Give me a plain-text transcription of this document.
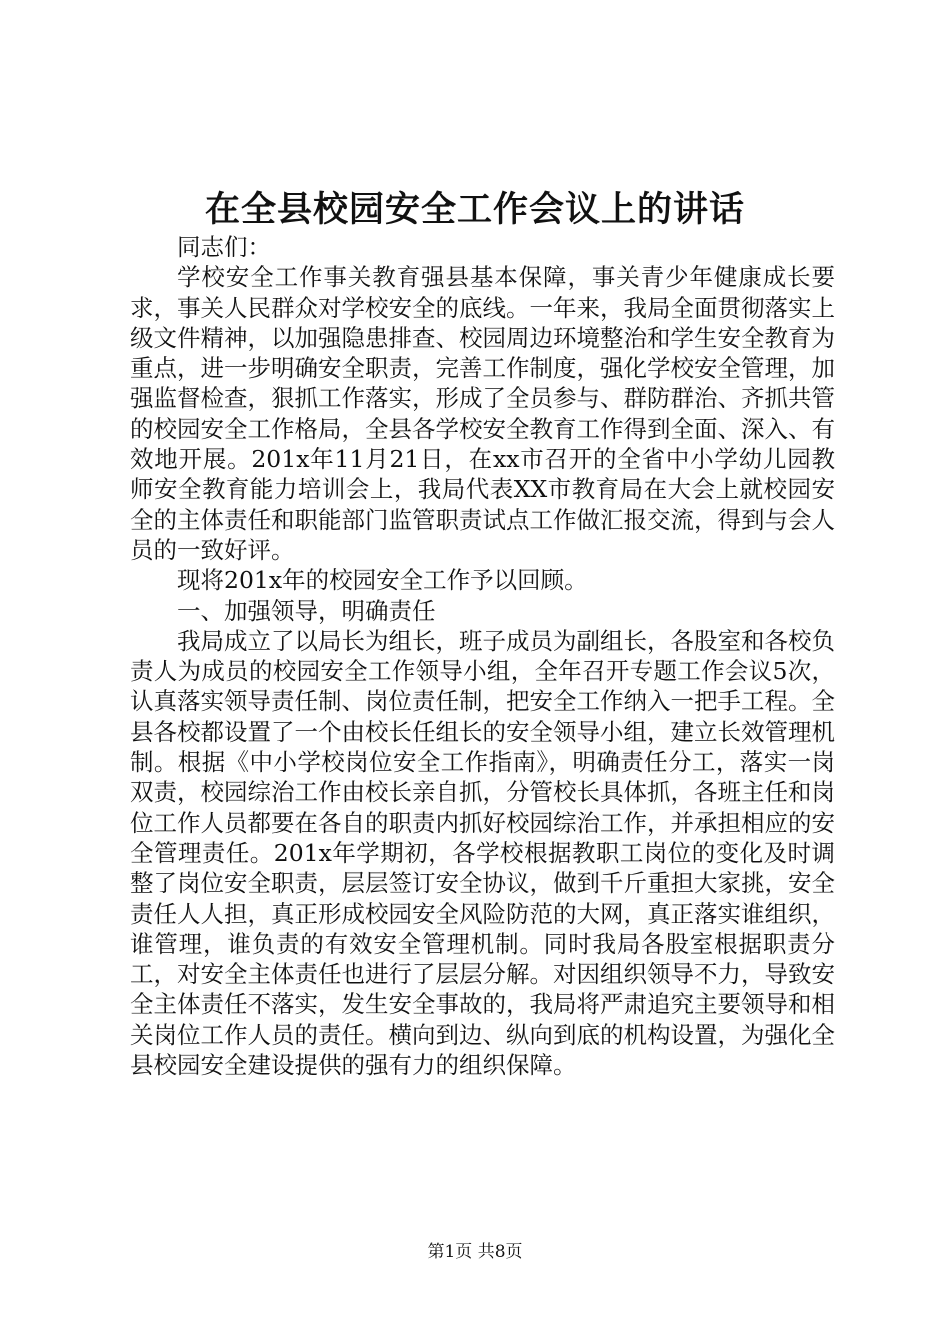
在全县校园安全工作会议上的讲话

同志们：

学校安全工作事关教育强县基本保障，事关青少年健康成长要求，事关人民群众对学校安全的底线。一年来，我局全面贯彻落实上级文件精神，以加强隐患排查、校园周边环境整治和学生安全教育为重点，进一步明确安全职责，完善工作制度，强化学校安全管理，加强监督检查，狠抓工作落实，形成了全员参与、群防群治、齐抓共管的校园安全工作格局，全县各学校安全教育工作得到全面、深入、有效地开展。201x年11月21日，在xx市召开的全省中小学幼儿园教师安全教育能力培训会上，我局代表XX市教育局在大会上就校园安全的主体责任和职能部门监管职责试点工作做汇报交流，得到与会人员的一致好评。

现将201x年的校园安全工作予以回顾。

一、加强领导，明确责任

我局成立了以局长为组长，班子成员为副组长，各股室和各校负责人为成员的校园安全工作领导小组，全年召开专题工作会议5次，认真落实领导责任制、岗位责任制，把安全工作纳入一把手工程。全县各校都设置了一个由校长任组长的安全领导小组，建立长效管理机制。根据《中小学校岗位安全工作指南》，明确责任分工，落实一岗双责，校园综治工作由校长亲自抓，分管校长具体抓，各班主任和岗位工作人员都要在各自的职责内抓好校园综治工作，并承担相应的安全管理责任。201x年学期初，各学校根据教职工岗位的变化及时调整了岗位安全职责，层层签订安全协议，做到千斤重担大家挑，安全责任人人担，真正形成校园安全风险防范的大网，真正落实谁组织，谁管理，谁负责的有效安全管理机制。同时我局各股室根据职责分工，对安全主体责任也进行了层层分解。对因组织领导不力，导致安全主体责任不落实，发生安全事故的，我局将严肃追究主要领导和相关岗位工作人员的责任。横向到边、纵向到底的机构设置，为强化全县校园安全建设提供的强有力的组织保障。

第1页 共8页
